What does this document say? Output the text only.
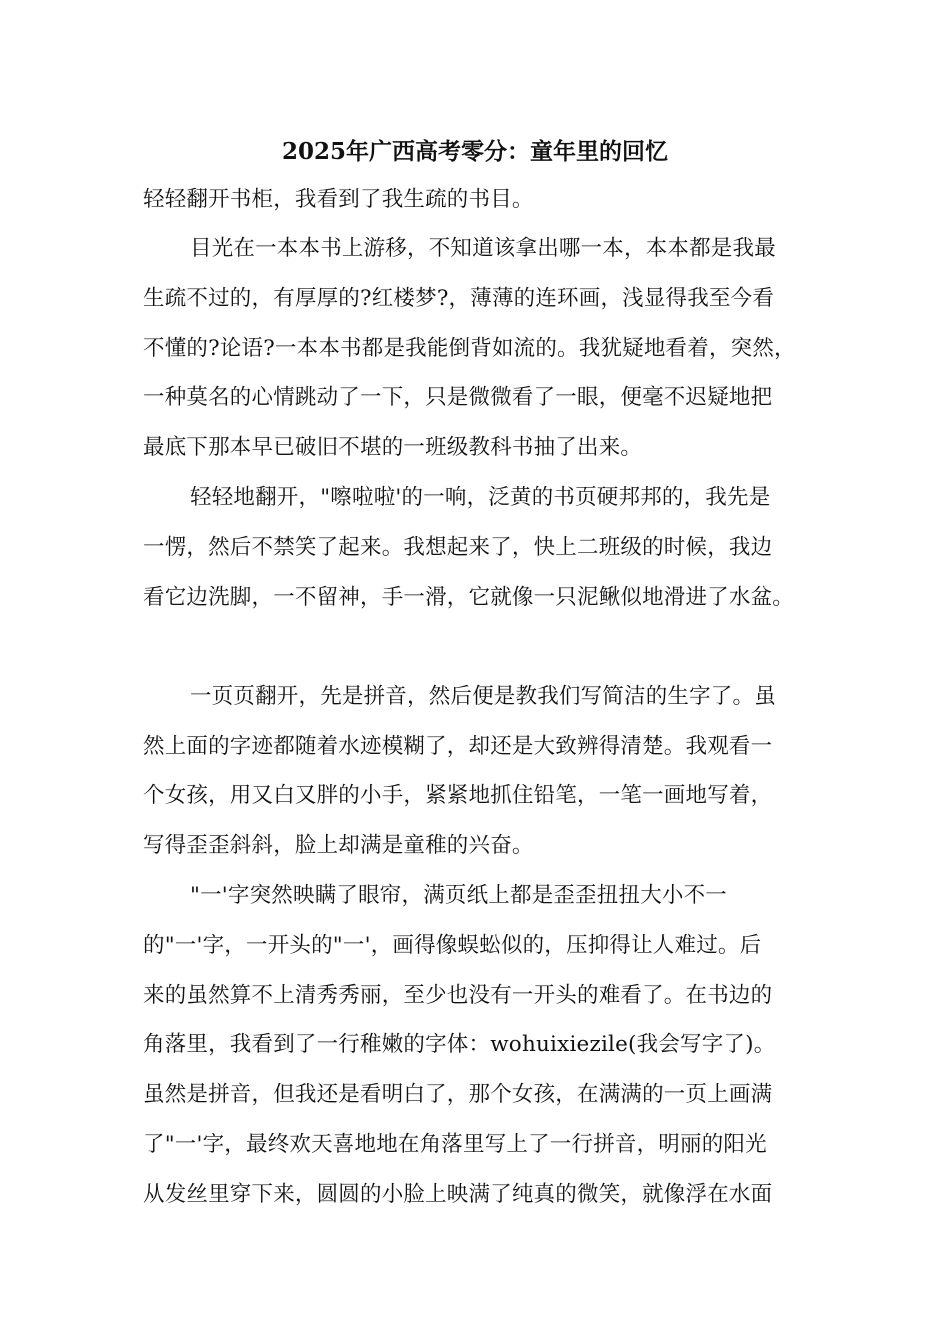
2025年广西高考零分：童年里的回忆
轻轻翻开书柜，我看到了我生疏的书目。
目光在一本本书上游移，不知道该拿出哪一本，本本都是我最
生疏不过的，有厚厚的?红楼梦?，薄薄的连环画，浅显得我至今看
不懂的?论语?一本本书都是我能倒背如流的。我犹疑地看着，突然，
一种莫名的心情跳动了一下，只是微微看了一眼，便毫不迟疑地把
最底下那本早已破旧不堪的一班级教科书抽了出来。
轻轻地翻开，"嚓啦啦'的一响，泛黄的书页硬邦邦的，我先是
一愣，然后不禁笑了起来。我想起来了，快上二班级的时候，我边
看它边洗脚，一不留神，手一滑，它就像一只泥鳅似地滑进了水盆。
一页页翻开，先是拼音，然后便是教我们写简洁的生字了。虽
然上面的字迹都随着水迹模糊了，却还是大致辨得清楚。我观看一
个女孩，用又白又胖的小手，紧紧地抓住铅笔，一笔一画地写着，
写得歪歪斜斜，脸上却满是童稚的兴奋。
"一'字突然映瞒了眼帘，满页纸上都是歪歪扭扭大小不一
的"一'字，一开头的"一'，画得像蜈蚣似的，压抑得让人难过。后
来的虽然算不上清秀秀丽，至少也没有一开头的难看了。在书边的
角落里，我看到了一行稚嫩的字体：wohuixiezile(我会写字了)。
虽然是拼音，但我还是看明白了，那个女孩，在满满的一页上画满
了"一'字，最终欢天喜地地在角落里写上了一行拼音，明丽的阳光
从发丝里穿下来，圆圆的小脸上映满了纯真的微笑，就像浮在水面
